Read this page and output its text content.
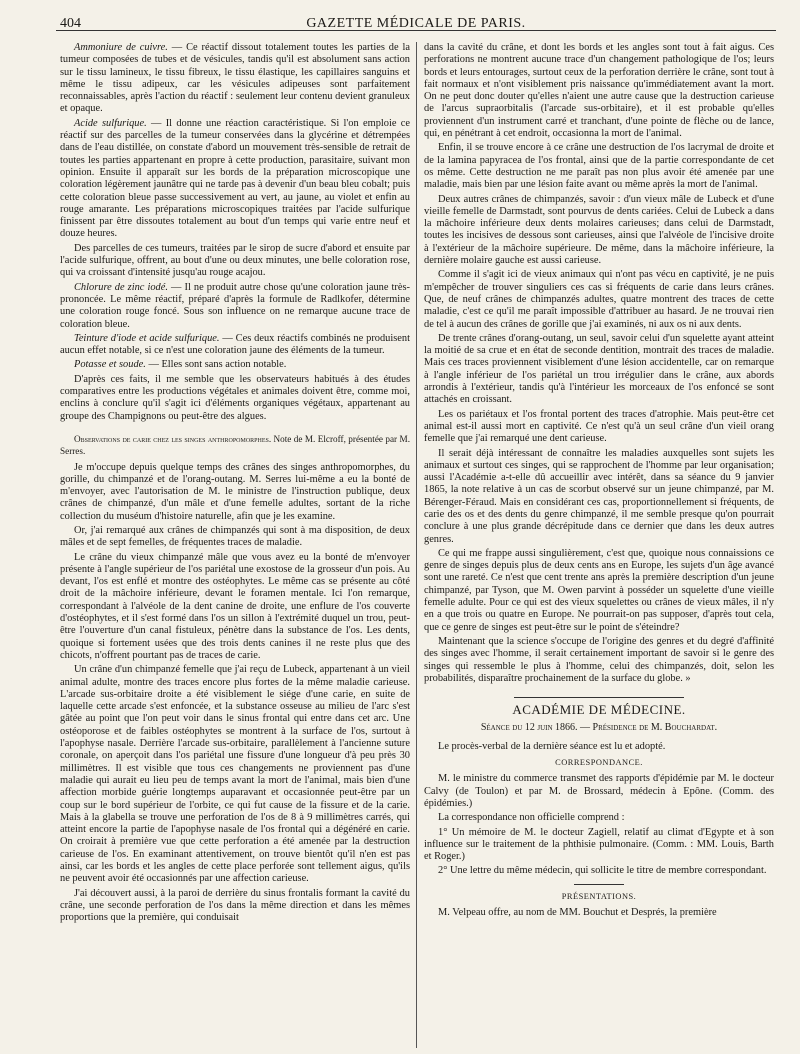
404	GAZETTE MÉDICALE DE PARIS.

Ammoniure de cuivre. — Ce réactif dissout totalement toutes les parties de la tumeur composées de tubes et de vésicules, tandis qu'il est absolument sans action sur le tissu lamineux, le tissu fibreux, le tissu élastique, les capillaires sanguins et même le tissu adipeux, car les vésicules adipeuses sont parfaitement reconnaissables, après l'action du réactif : seulement leur contenu devient granuleux et opaque.

Acide sulfurique. — Il donne une réaction caractéristique. Si l'on emploie ce réactif sur des parcelles de la tumeur conservées dans la glycérine et détrempées dans de l'eau distillée, on constate d'abord un mouvement très-sensible de retrait de toutes les parties appartenant en propre à cette production, parasitaire, suivant mon opinion. Ensuite il apparaît sur les bords de la préparation microscopique une coloration légèrement jaunâtre qui ne tarde pas à devenir d'un beau bleu cobalt; puis cette coloration bleue passe successivement au vert, au jaune, au violet et enfin au rouge amarante. Les préparations microscopiques traitées par l'acide sulfurique finissent par être dissoutes totalement au bout d'un temps qui varie entre neuf et douze heures.

Des parcelles de ces tumeurs, traitées par le sirop de sucre d'abord et ensuite par l'acide sulfurique, offrent, au bout d'une ou deux minutes, une belle coloration rose, qui va croissant d'intensité jusqu'au rouge acajou.

Chlorure de zinc iodé. — Il ne produit autre chose qu'une coloration jaune très-prononcée. Le même réactif, préparé d'après la formule de Radlkofer, détermine une coloration rouge foncé. Sous son influence on ne remarque aucune trace de coloration bleue.

Teinture d'iode et acide sulfurique. — Ces deux réactifs combinés ne produisent aucun effet notable, si ce n'est une coloration jaune des éléments de la tumeur.

Potasse et soude. — Elles sont sans action notable.

D'après ces faits, il me semble que les observateurs habitués à des études comparatives entre les productions végétales et animales doivent être, comme moi, enclins à conclure qu'il s'agit ici d'éléments organiques végétaux, appartenant au groupe des Champignons ou peut-être des algues.

Observations de carie chez les singes anthropomorphes. Note de M. Elcroff, présentée par M. Serres.

Je m'occupe depuis quelque temps des crânes des singes anthropomorphes, du gorille, du chimpanzé et de l'orang-outang. M. Serres lui-même a eu la bonté de m'envoyer, avec l'autorisation de M. le ministre de l'instruction publique, deux crânes de chimpanzé, d'un mâle et d'une femelle adultes, sortant de la riche collection du muséum d'histoire naturelle, afin que je les examine.

Or, j'ai remarqué aux crânes de chimpanzés qui sont à ma disposition, de deux mâles et de sept femelles, de fréquentes traces de maladie.

Le crâne du vieux chimpanzé mâle que vous avez eu la bonté de m'envoyer présente à l'angle supérieur de l'os pariétal une exostose de la grosseur d'un pois. Au devant, l'os est enflé et montre des ostéophytes. Le même cas se présente au côté droit de la mâchoire inférieure, devant le foramen mentale. Ici l'on remarque, correspondant à l'alvéole de la dent canine de droite, une enflure de l'os couverte d'ostéophytes, et il s'est formé dans l'os un sillon à l'extrémité duquel un trou, peut-être l'ouverture d'un canal fistuleux, pénètre dans la substance de l'os. Les dents, quoique si fortement usées que des trois dents canines il ne reste plus que des chicots, n'offrent pourtant pas de traces de carie.

Un crâne d'un chimpanzé femelle que j'ai reçu de Lubeck, appartenant à un vieil animal adulte, montre des traces encore plus fortes de la même maladie carieuse. L'arcade sus-orbitaire droite a été visiblement le siége d'une carie, en suite de laquelle cette arcade s'est enfoncée, et la substance osseuse au milieu de l'arc s'est gâtée au point que l'on peut voir dans le sinus frontal qui entre dans cet arc. Une ostéoporose et de faibles ostéophytes se montrent à la surface de l'os, surtout à l'apophyse nasale. Derrière l'arcade sus-orbitaire, parallèlement à l'ancienne suture coronale, on aperçoit dans l'os pariétal une fissure d'une longueur d'à peu près 30 millimètres. Il est visible que tous ces changements ne proviennent pas d'une maladie qui aurait eu lieu peu de temps avant la mort de l'animal, mais bien d'une affection morbide guérie longtemps auparavant et occasionnée peut-être par un coup sur le bord supérieur de l'orbite, ce qui fut cause de la fissure et de la carie. Mais à la glabella se trouve une perforation de l'os de 8 à 9 millimètres carrés, qui atteint encore la partie de l'apophyse nasale de l'os frontal qui a dégénéré en carie. On croirait à première vue que cette perforation a été amenée par la destruction carieuse de l'os. En examinant attentivement, on trouve bientôt qu'il n'en est pas ainsi, car les bords et les angles de cette place perforée sont tellement aigus, qu'ils ne peuvent avoir été occasionnés par une affection carieuse.

J'ai découvert aussi, à la paroi de derrière du sinus frontalis formant la cavité du crâne, une seconde perforation de l'os dans la même direction et dans les mêmes proportions que la première, qui conduisait

dans la cavité du crâne, et dont les bords et les angles sont tout à fait aigus. Ces perforations ne montrent aucune trace d'un changement pathologique de l'os; leurs bords et leurs entourages, surtout ceux de la perforation derrière le crâne, sont tout à fait normaux et n'ont visiblement pris naissance qu'immédiatement avant la mort. On ne peut donc douter qu'elles n'aient une autre cause que la destruction carieuse de l'arcus supraorbitalis (l'arcade sus-orbitaire), et il est probable qu'elles proviennent d'un instrument carré et tranchant, d'une pointe de flèche ou de lance, qui, en pénétrant à cet endroit, occasionna la mort de l'animal.

Enfin, il se trouve encore à ce crâne une destruction de l'os lacrymal de droite et de la lamina papyracea de l'os frontal, ainsi que de la partie correspondante de cet os même. Cette destruction ne me paraît pas non plus avoir été amenée par une maladie, mais bien par une lésion faite avant ou même après la mort de l'animal.

Deux autres crânes de chimpanzés, savoir : d'un vieux mâle de Lubeck et d'une vieille femelle de Darmstadt, sont pourvus de dents cariées. Celui de Lubeck a dans la mâchoire inférieure deux dents molaires carieuses; dans celui de Darmstadt, toutes les incisives de dessous sont carieuses, ainsi que l'alvéole de l'incisive droite à l'extérieur de la mâchoire supérieure. De même, dans la mâchoire inférieure, la dernière molaire gauche est aussi carieuse.

Comme il s'agit ici de vieux animaux qui n'ont pas vécu en captivité, je ne puis m'empêcher de trouver singuliers ces cas si fréquents de carie dans leurs crânes. Que, de neuf crânes de chimpanzés adultes, quatre montrent des traces de cette maladie, c'est ce qu'il me paraît impossible d'attribuer au hasard. Je ne trouvai rien de tel à aucun des crânes de gorille que j'ai examinés, ni aux os ni aux dents.

De trente crânes d'orang-outang, un seul, savoir celui d'un squelette ayant atteint la moitié de sa crue et en état de seconde dentition, montrait des traces de maladie. Mais ces traces proviennent visiblement d'une lésion accidentelle, car on remarque à l'angle inférieur de l'os pariétal un trou irrégulier dans le crâne, aux abords arrondis à l'extérieur, tandis qu'à l'intérieur les morceaux de l'os enfoncé se sont attachés en croissant.

Les os pariétaux et l'os frontal portent des traces d'atrophie. Mais peut-être cet animal est-il aussi mort en captivité. Ce n'est qu'à un seul crâne d'un vieil orang femelle que j'ai remarqué une dent carieuse.

Il serait déjà intéressant de connaître les maladies auxquelles sont sujets les animaux et surtout ces singes, qui se rapprochent de l'homme par leur organisation; aussi l'Académie a-t-elle dû accueillir avec intérêt, dans sa séance du 9 janvier 1865, la note relative à un cas de scorbut observé sur un jeune chimpanzé, par M. Bérenger-Féraud. Mais en considérant ces cas, proportionnellement si fréquents, de carie des os et des dents du genre chimpanzé, il me semble presque qu'on pourrait conclure à une plus grande décrépitude dans ce dernier que dans les deux autres genres.

Ce qui me frappe aussi singulièrement, c'est que, quoique nous connaissions ce genre de singes depuis plus de deux cents ans en Europe, les sujets d'un âge avancé sont une rareté. Ce n'est que cent trente ans après la première description d'un jeune chimpanzé, par Tyson, que M. Owen parvint à posséder un squelette d'une vieille femelle adulte. Pour ce qui est des vieux squelettes ou crânes de vieux mâles, il n'y en a que trois ou quatre en Europe. Ne pourrait-on pas supposer, d'après tout cela, que ce genre de singes est peut-être sur le point de s'éteindre?

Maintenant que la science s'occupe de l'origine des genres et du degré d'affinité des singes avec l'homme, il serait certainement important de savoir si le genre des singes qui ressemble le plus à l'homme, celui des chimpanzés, doit, selon les probabilités, disparaître prochainement de la surface du globe. »

ACADÉMIE DE MÉDECINE.
Séance du 12 juin 1866. — Présidence de M. Bouchardat.

Le procès-verbal de la dernière séance est lu et adopté.

CORRESPONDANCE.

M. le ministre du commerce transmet des rapports d'épidémie par M. le docteur Calvy (de Toulon) et par M. de Brossard, médecin à Epône. (Comm. des épidémies.)

La correspondance non officielle comprend :

1° Un mémoire de M. le docteur Zagiell, relatif au climat d'Egypte et à son influence sur le traitement de la phthisie pulmonaire. (Comm. : MM. Louis, Barth et Roger.)

2° Une lettre du même médecin, qui sollicite le titre de membre correspondant.

PRÉSENTATIONS.

M. Velpeau offre, au nom de MM. Bouchut et Després, la première
